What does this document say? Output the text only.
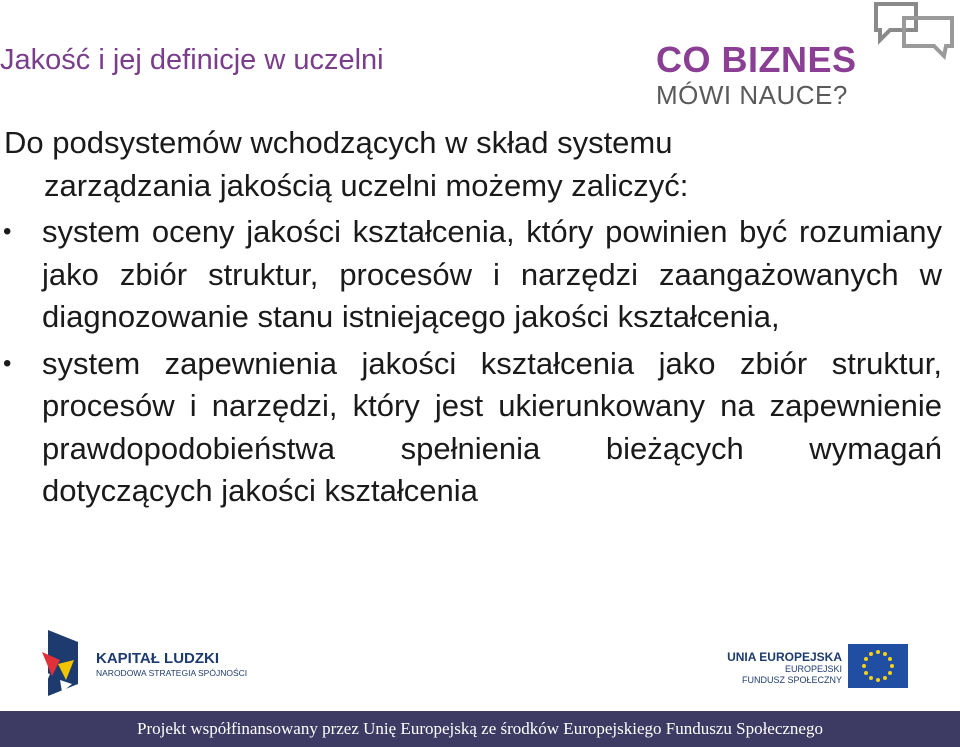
Jakość i jej definicje w uczelni	CO BIZNES
MÓWI NAUCE?

Do podsystemów wchodzących w skład systemu
zarządzania jakością uczelni możemy zaliczyć:

• system oceny jakości kształcenia, który powinien być rozumiany jako zbiór struktur, procesów i narzędzi zaangażowanych w diagnozowanie stanu istniejącego jakości kształcenia,
• system zapewnienia jakości kształcenia jako zbiór struktur, procesów i narzędzi, który jest ukierunkowany na zapewnienie prawdopodobieństwa spełnienia bieżących wymagań dotyczących jakości kształcenia
KAPITAŁ LUDZKI
NARODOWA STRATEGIA SPÓJNOŚCI
UNIA EUROPEJSKA
EUROPEJSKI
FUNDUSZ SPOŁECZNY
Projekt współfinansowany przez Unię Europejską ze środków Europejskiego Funduszu Społecznego
